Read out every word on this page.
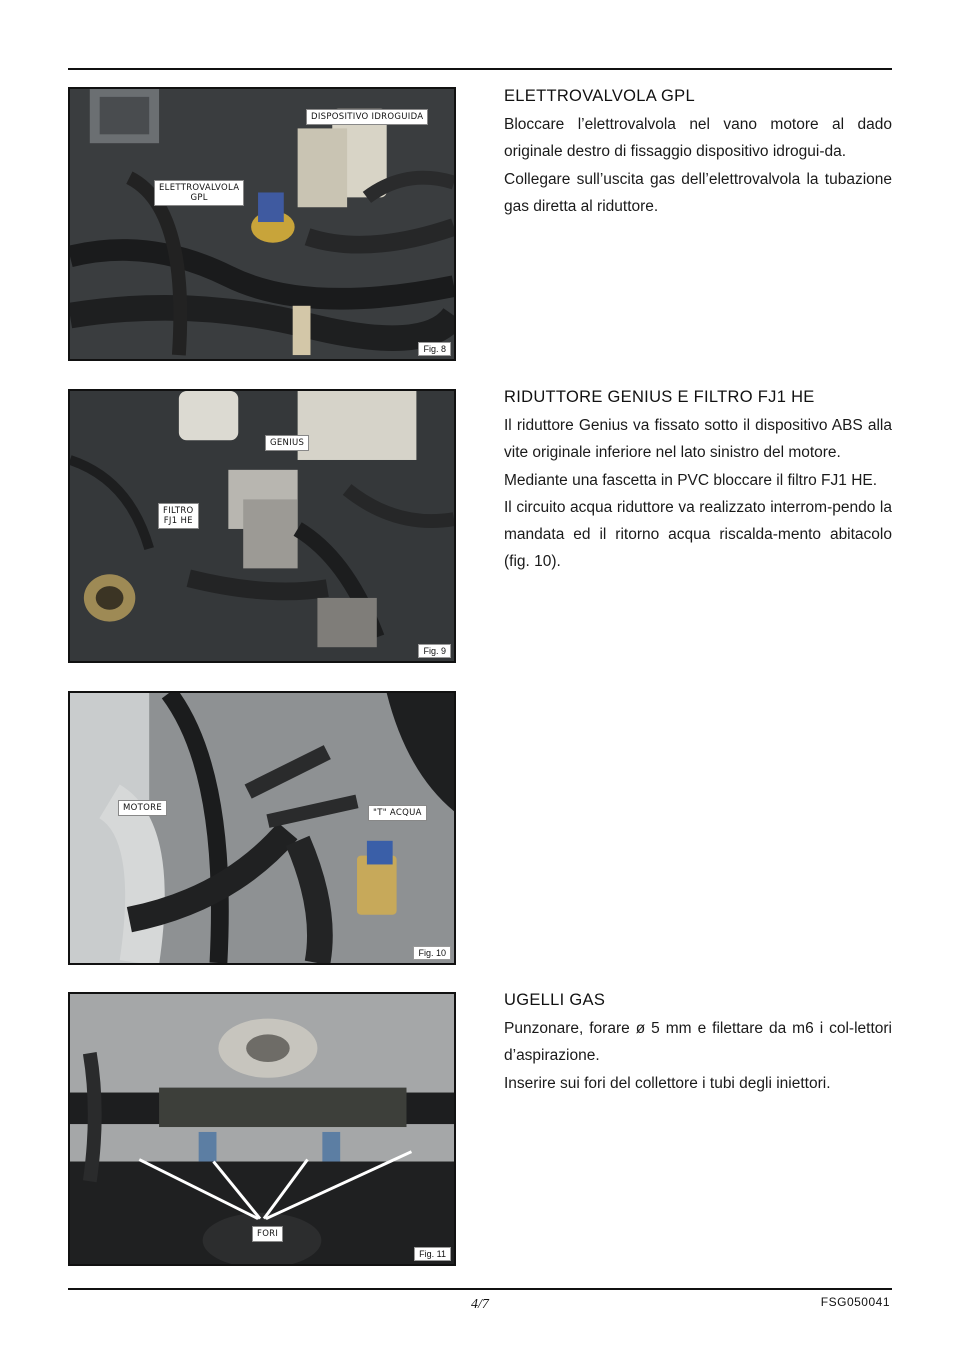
DISPOSITIVO IDROGUIDA
ELETTROVALVOLA
GPL
Fig. 8
ELETTROVALVOLA GPL

Bloccare l’elettrovalvola nel vano motore al dado originale destro di fissaggio dispositivo idrogui-da.

Collegare sull’uscita gas dell’elettrovalvola la tubazione gas diretta al riduttore.

GENIUS
FILTRO
FJ1 HE
Fig. 9
RIDUTTORE GENIUS E FILTRO FJ1 HE

Il riduttore Genius va fissato sotto il dispositivo ABS alla vite originale inferiore nel lato sinistro del motore.

Mediante una fascetta in PVC bloccare il filtro FJ1 HE.

Il circuito acqua riduttore va realizzato interrom-pendo la mandata ed il ritorno acqua riscalda-mento abitacolo (fig. 10).

MOTORE	"T" ACQUA
Fig. 10
FORI
Fig. 11
UGELLI GAS

Punzonare, forare ø 5 mm e filettare da m6 i col-lettori d’aspirazione.

Inserire sui fori del collettore i tubi degli iniettori.

4/7	FSG050041
